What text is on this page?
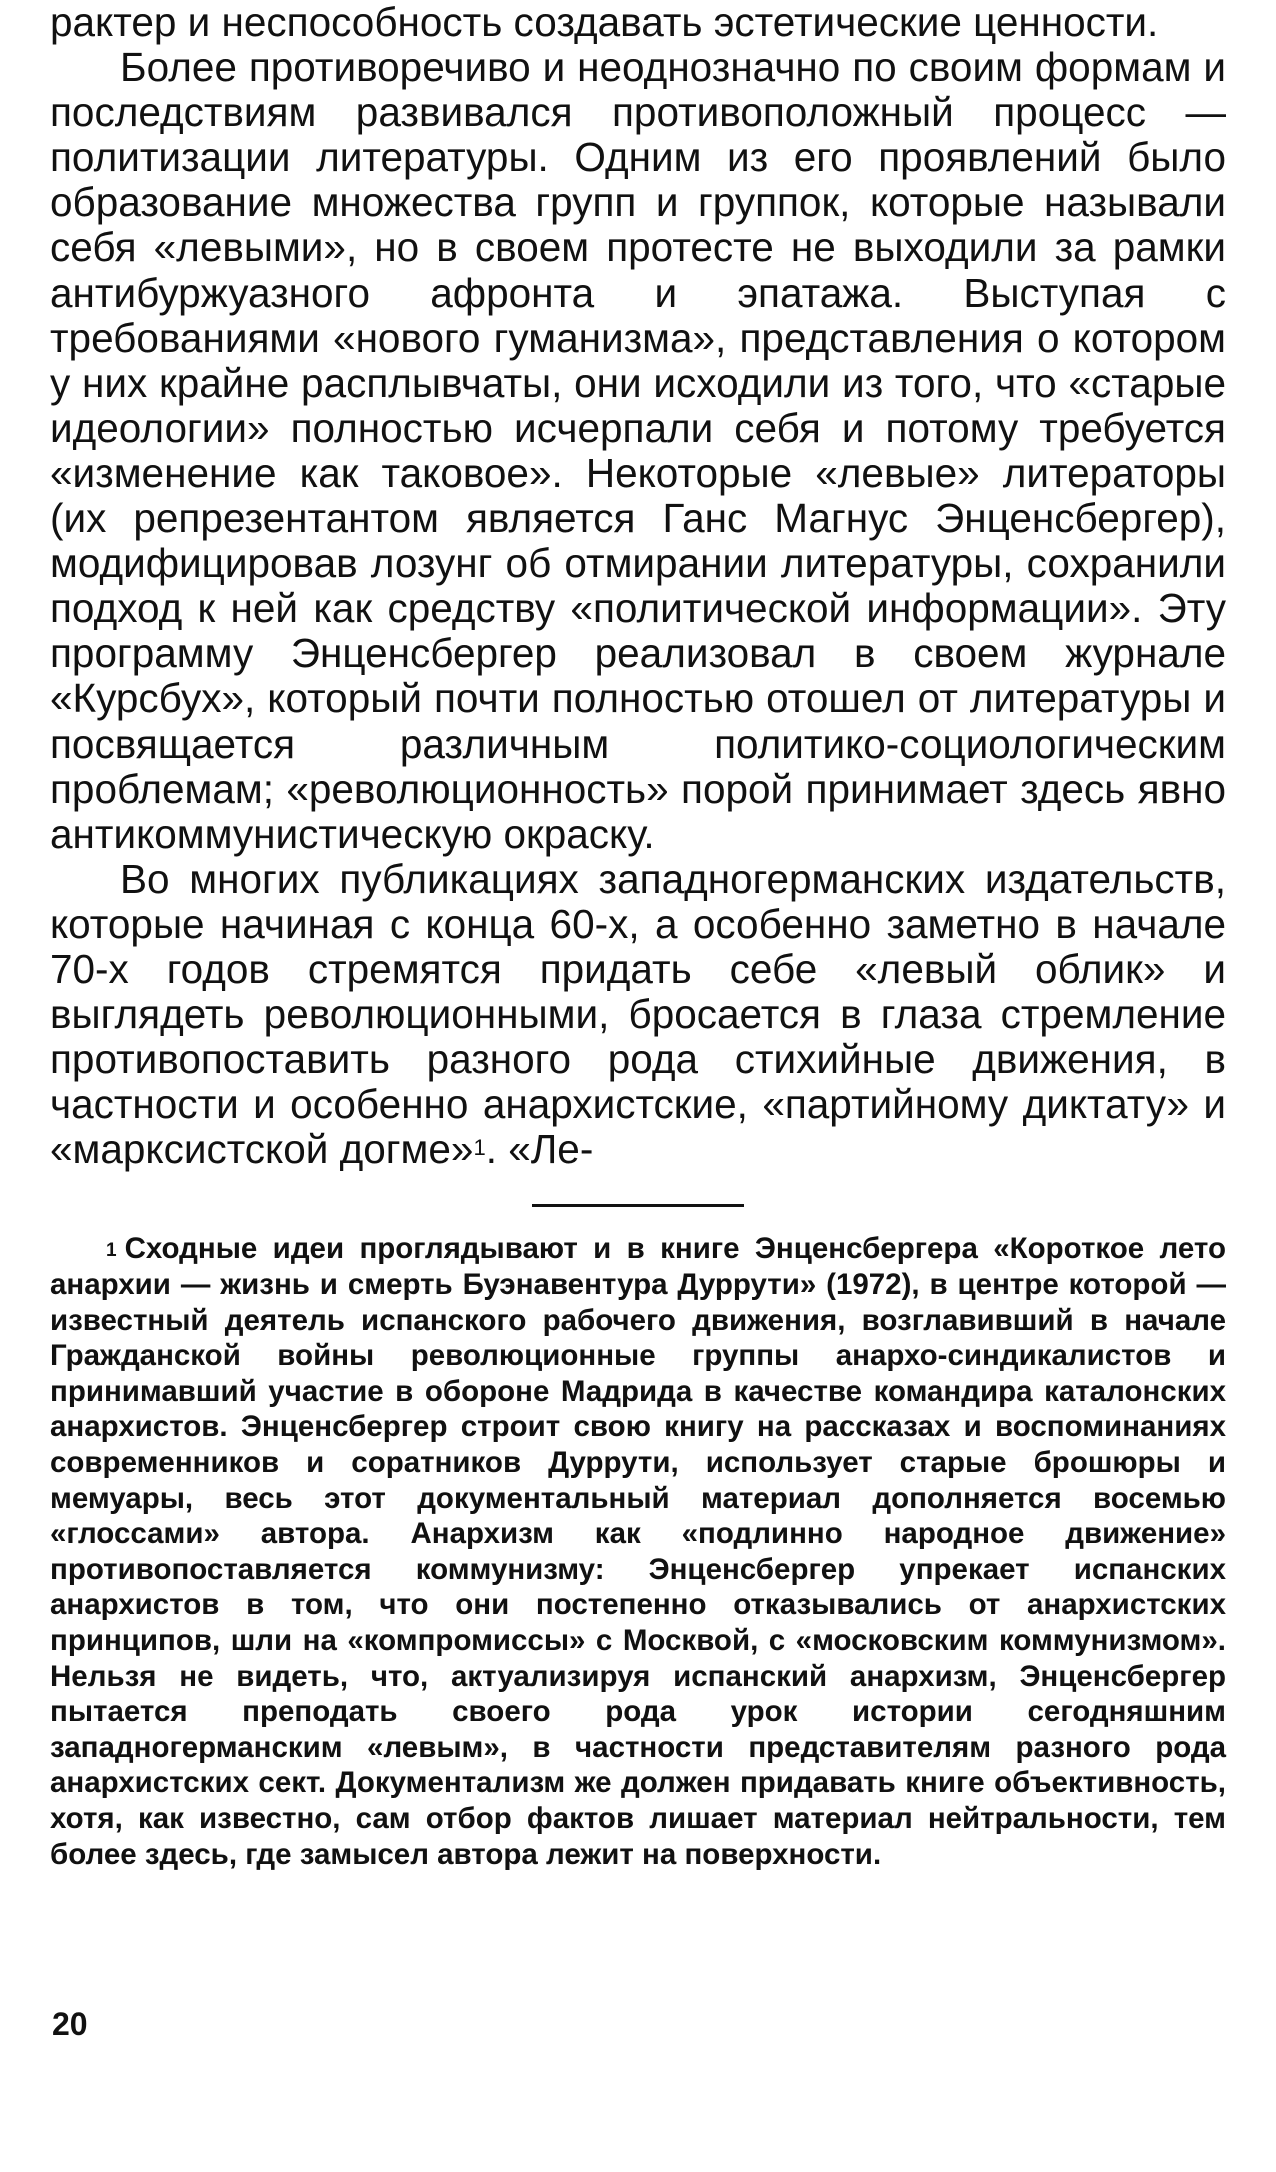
рактер и неспособность создавать эстетические ценности.

Более противоречиво и неоднозначно по своим формам и последствиям развивался противоположный процесс — политизации литературы. Одним из его проявлений было образование множества групп и группок, которые называли себя «левыми», но в своем протесте не выходили за рамки антибуржуазного афронта и эпатажа. Выступая с требованиями «нового гуманизма», представления о котором у них крайне расплывчаты, они исходили из того, что «старые идеологии» полностью исчерпали себя и потому требуется «изменение как таковое». Некоторые «левые» литераторы (их репрезентантом является Ганс Магнус Энценсбергер), модифицировав лозунг об отмирании литературы, сохранили подход к ней как средству «политической информации». Эту программу Энценсбергер реализовал в своем журнале «Курсбух», который почти полностью отошел от литературы и посвящается различным политико-социологическим проблемам; «революционность» порой принимает здесь явно антикоммунистическую окраску.

Во многих публикациях западногерманских издательств, которые начиная с конца 60-х, а особенно заметно в начале 70-х годов стремятся придать себе «левый облик» и выглядеть революционными, бросается в глаза стремление противопоставить разного рода стихийные движения, в частности и особенно анархистские, «партийному диктату» и «марксистской догме»$^1$. «Ле-

$^1$ Сходные идеи проглядывают и в книге Энценсбергера «Короткое лето анархии — жизнь и смерть Буэнавентура Дуррути» (1972), в центре которой — известный деятель испанского рабочего движения, возглавивший в начале Гражданской войны революционные группы анархо-синдикалистов и принимавший участие в обороне Мадрида в качестве командира каталонских анархистов. Энценсбергер строит свою книгу на рассказах и воспоминаниях современников и соратников Дуррути, использует старые брошюры и мемуары, весь этот документальный материал дополняется восемью «глоссами» автора. Анархизм как «подлинно народное движение» противопоставляется коммунизму: Энценсбергер упрекает испанских анархистов в том, что они постепенно отказывались от анархистских принципов, шли на «компромиссы» с Москвой, с «московским коммунизмом». Нельзя не видеть, что, актуализируя испанский анархизм, Энценсбергер пытается преподать своего рода урок истории сегодняшним западногерманским «левым», в частности представителям разного рода анархистских сект. Документализм же должен придавать книге объективность, хотя, как известно, сам отбор фактов лишает материал нейтральности, тем более здесь, где замысел автора лежит на поверхности.
20
